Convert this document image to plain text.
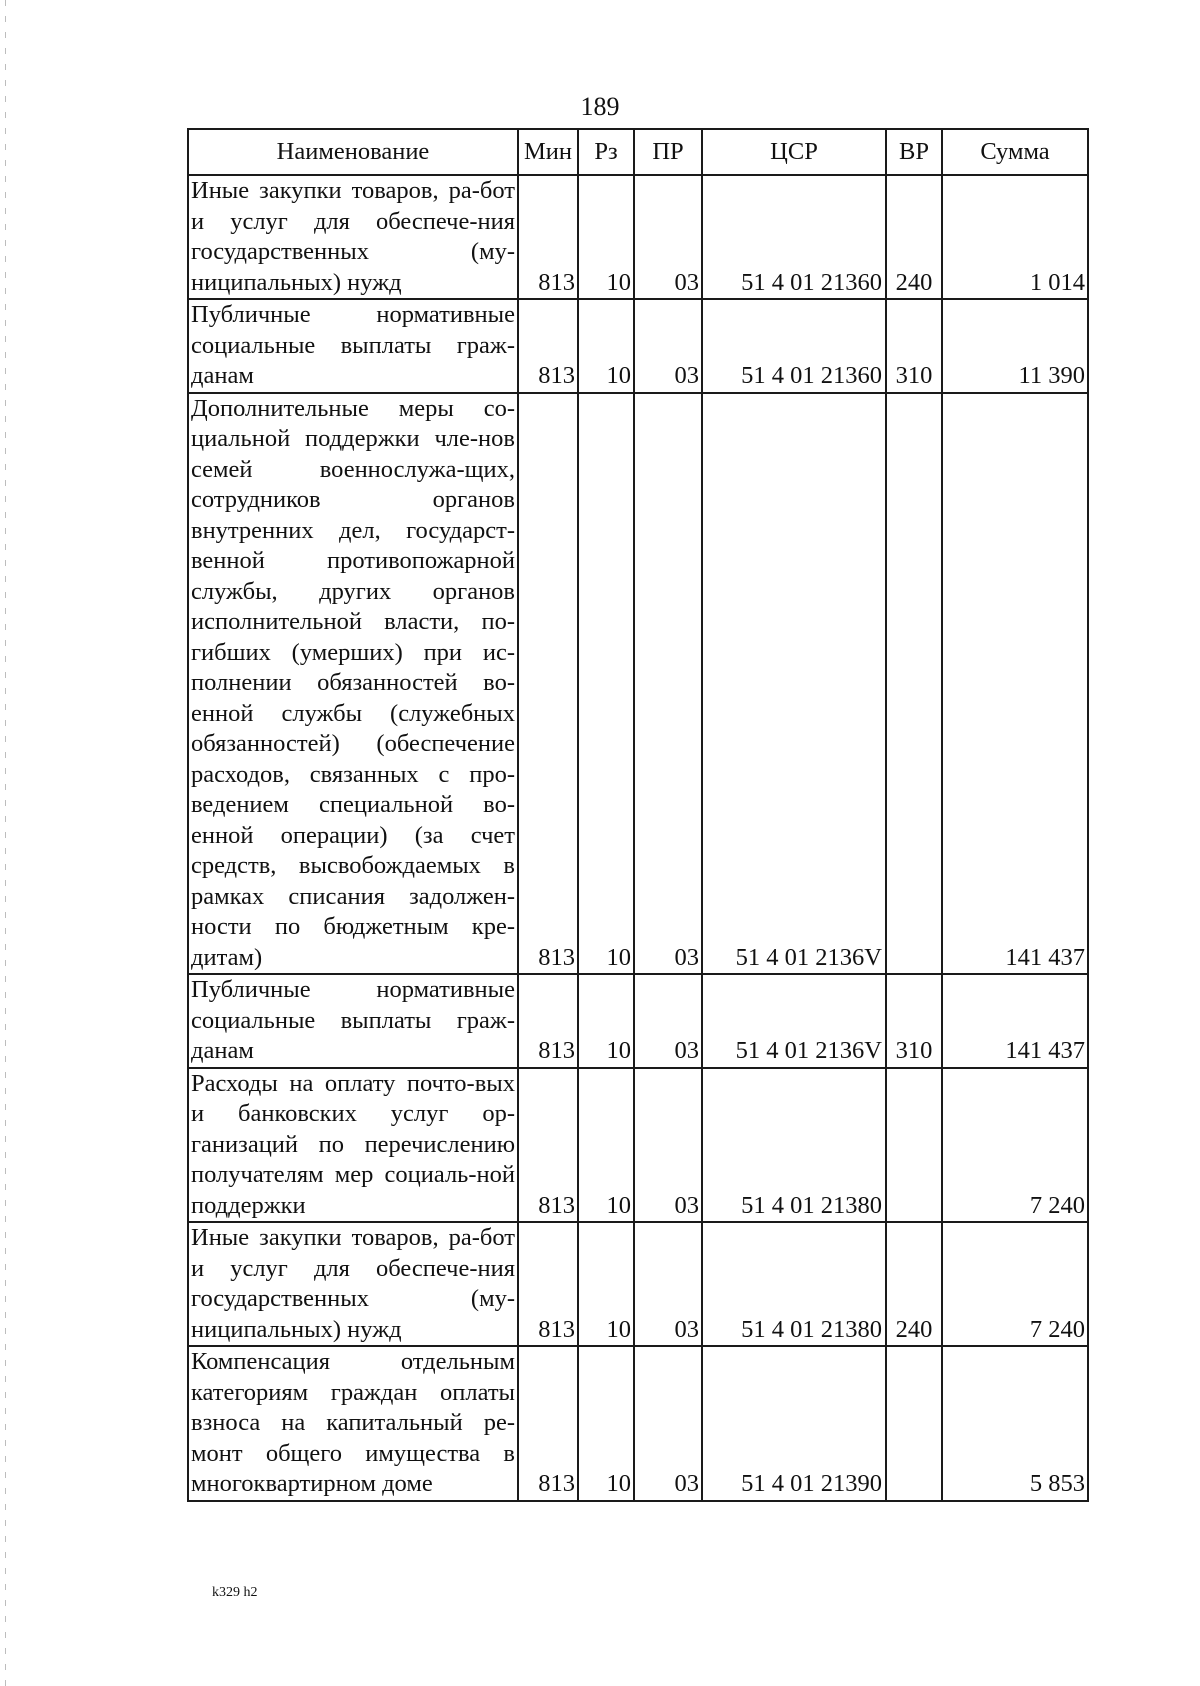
189
Наименование	Мин	Рз	ПР	ЦСР	ВР	Сумма
Иные закупки товаров, ра-бот и услуг для обеспече-ния государственных (му-ниципальных) нужд	813	10	03	51 4 01 21360	240	1 014
Публичные нормативные социальные выплаты граж-данам	813	10	03	51 4 01 21360	310	11 390
Дополнительные меры со-циальной поддержки чле-нов семей военнослужа-щих, сотрудников органов внутренних дел, государст-венной противопожарной службы, других органов исполнительной власти, по-гибших (умерших) при ис-полнении обязанностей во-енной службы (служебных обязанностей) (обеспечение расходов, связанных с про-ведением специальной во-енной операции) (за счет средств, высвобождаемых в рамках списания задолжен-ности по бюджетным кре-дитам)	813	10	03	51 4 01 2136V		141 437
Публичные нормативные социальные выплаты граж-данам	813	10	03	51 4 01 2136V	310	141 437
Расходы на оплату почто-вых и банковских услуг ор-ганизаций по перечислению получателям мер социаль-ной поддержки	813	10	03	51 4 01 21380		7 240
Иные закупки товаров, ра-бот и услуг для обеспече-ния государственных (му-ниципальных) нужд	813	10	03	51 4 01 21380	240	7 240
Компенсация отдельным категориям граждан оплаты взноса на капитальный ре-монт общего имущества в многоквартирном доме	813	10	03	51 4 01 21390		5 853
k329 h2
